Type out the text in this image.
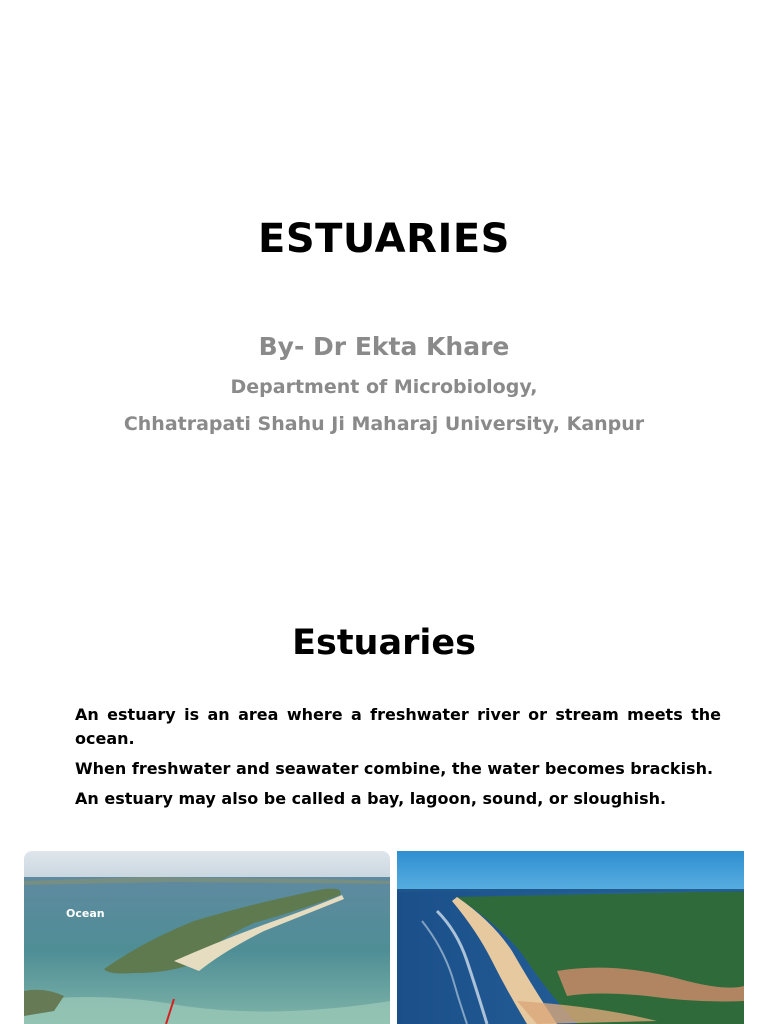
ESTUARIES
By- Dr Ekta Khare
Department of Microbiology,
Chhatrapati Shahu Ji Maharaj University, Kanpur
Estuaries

An estuary is an area where a freshwater river or stream meets the ocean.

When freshwater and seawater combine, the water becomes brackish.

An estuary may also be called a bay, lagoon, sound, or sloughish.

Ocean
